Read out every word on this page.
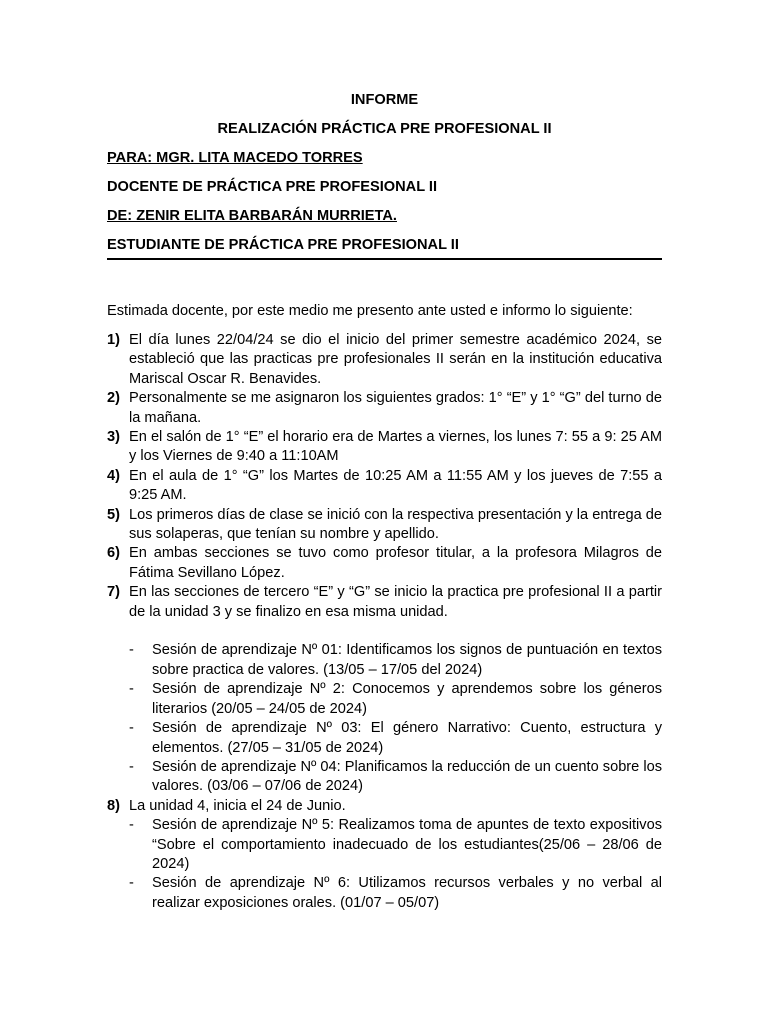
INFORME
REALIZACIÓN PRÁCTICA PRE PROFESIONAL II
PARA: MGR. LITA MACEDO TORRES
DOCENTE DE PRÁCTICA PRE PROFESIONAL II
DE: ZENIR ELITA BARBARÁN MURRIETA.
ESTUDIANTE DE PRÁCTICA PRE PROFESIONAL II
Estimada docente, por este medio me presento ante usted e informo lo siguiente:
1) El día lunes 22/04/24 se dio el inicio del primer semestre académico 2024, se estableció que las practicas pre profesionales II serán en la institución educativa Mariscal Oscar R. Benavides.
2) Personalmente se me asignaron los siguientes grados: 1° “E” y 1° “G” del turno de la mañana.
3) En el salón de 1° “E” el horario era de Martes a viernes, los lunes 7: 55 a 9: 25 AM y los Viernes de 9:40 a 11:10AM
4) En el aula de 1° “G” los Martes de 10:25 AM a 11:55 AM y los jueves de 7:55 a 9:25 AM.
5) Los primeros días de clase se inició con la respectiva presentación y la entrega de sus solaperas, que tenían su nombre y apellido.
6) En ambas secciones se tuvo como profesor titular, a la profesora Milagros de Fátima Sevillano López.
7) En las secciones de tercero “E” y “G” se inicio la practica pre profesional II a partir de la unidad 3 y se finalizo en esa misma unidad.
- Sesión de aprendizaje Nº 01: Identificamos los signos de puntuación en textos sobre practica de valores. (13/05 – 17/05 del 2024)
- Sesión de aprendizaje Nº 2: Conocemos y aprendemos sobre los géneros literarios (20/05 – 24/05 de 2024)
- Sesión de aprendizaje Nº 03: El género Narrativo: Cuento, estructura y elementos. (27/05 – 31/05 de 2024)
- Sesión de aprendizaje Nº 04: Planificamos la reducción de un cuento sobre los valores. (03/06 – 07/06 de 2024)
8) La unidad 4, inicia el 24 de Junio.
- Sesión de aprendizaje Nº 5: Realizamos toma de apuntes de texto expositivos “Sobre el comportamiento inadecuado de los estudiantes(25/06 – 28/06 de 2024)
- Sesión de aprendizaje Nº 6: Utilizamos recursos verbales y no verbal al realizar exposiciones orales. (01/07 – 05/07)
